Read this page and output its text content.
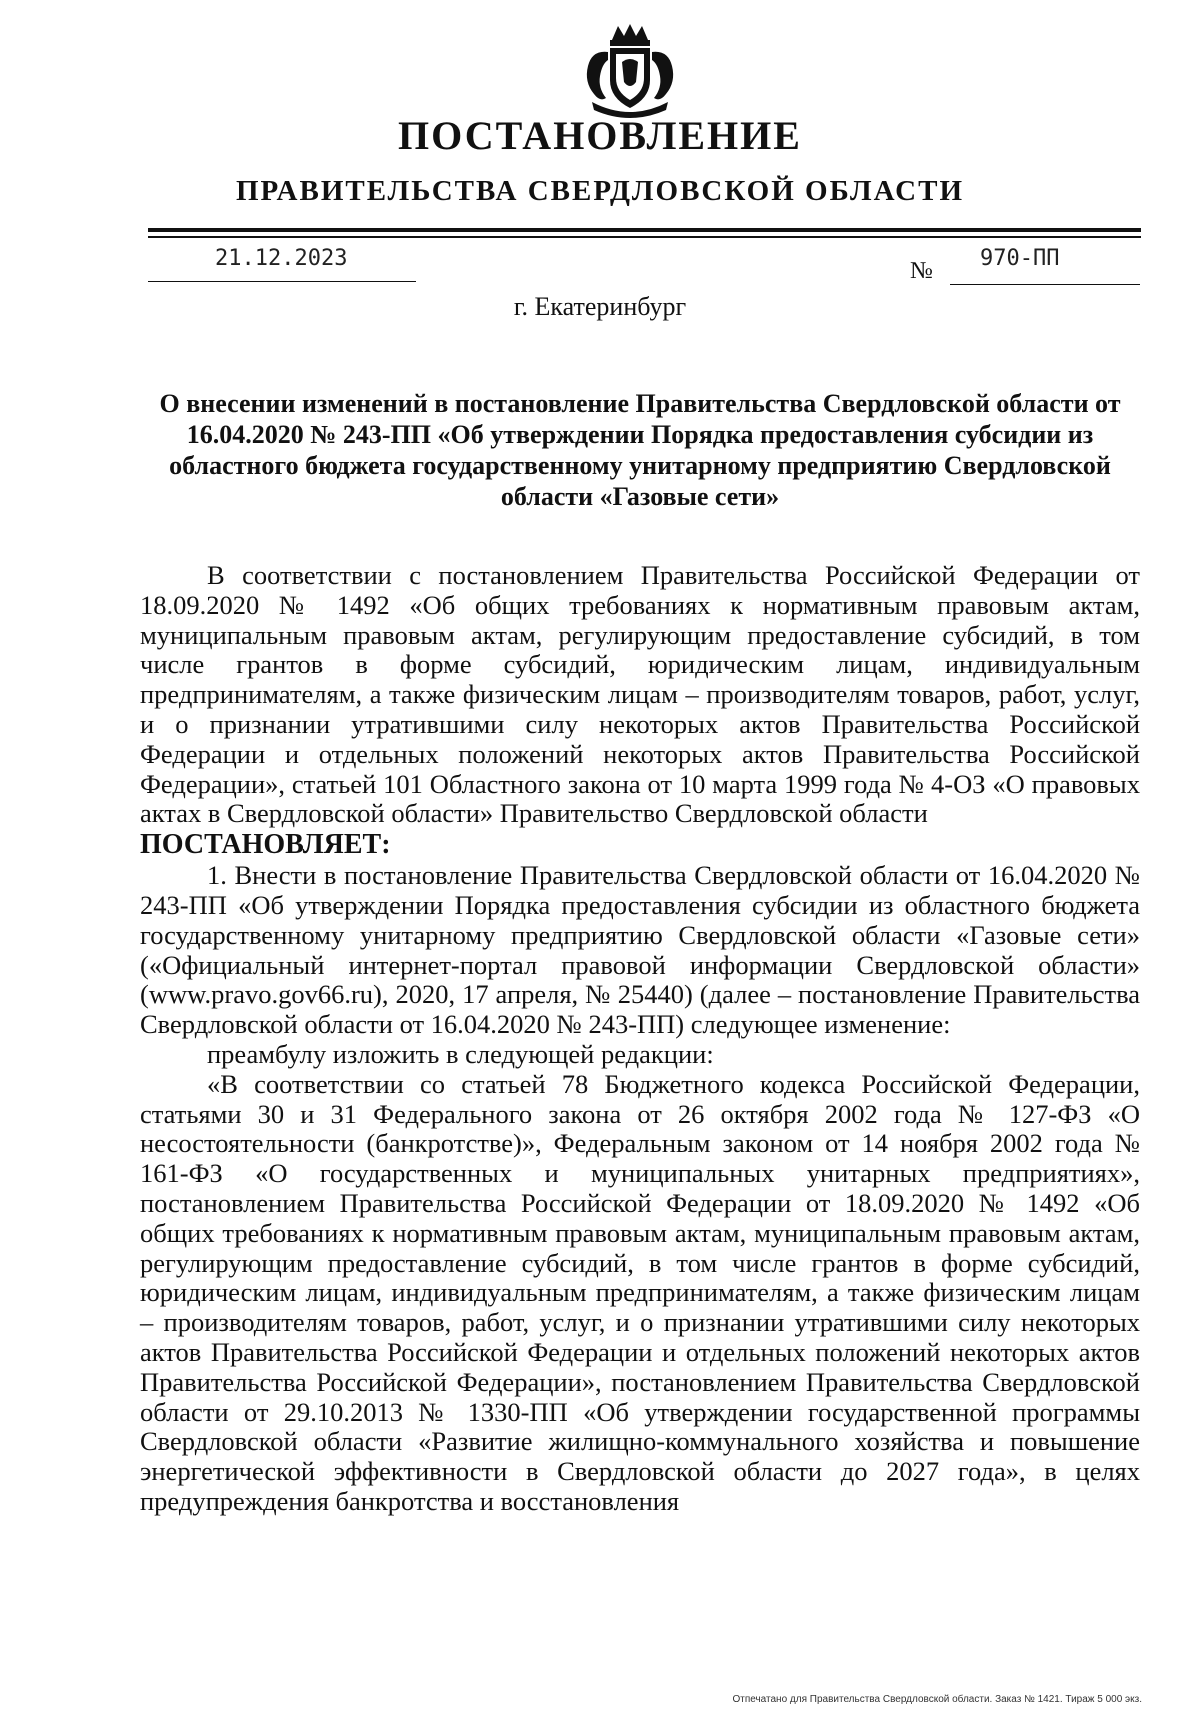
ПОСТАНОВЛЕНИЕ
ПРАВИТЕЛЬСТВА СВЕРДЛОВСКОЙ ОБЛАСТИ
21.12.2023	№ 970-ПП
г. Екатеринбург
О внесении изменений в постановление Правительства Свердловской области от 16.04.2020 № 243-ПП «Об утверждении Порядка предоставления субсидии из областного бюджета государственному унитарному предприятию Свердловской области «Газовые сети»

В соответствии с постановлением Правительства Российской Федерации от 18.09.2020 № 1492 «Об общих требованиях к нормативным правовым актам, муниципальным правовым актам, регулирующим предоставление субсидий, в том числе грантов в форме субсидий, юридическим лицам, индивидуальным предпринимателям, а также физическим лицам – производителям товаров, работ, услуг, и о признании утратившими силу некоторых актов Правительства Российской Федерации и отдельных положений некоторых актов Правительства Российской Федерации», статьей 101 Областного закона от 10 марта 1999 года № 4-ОЗ «О правовых актах в Свердловской области» Правительство Свердловской области

ПОСТАНОВЛЯЕТ:

1. Внести в постановление Правительства Свердловской области от 16.04.2020 № 243-ПП «Об утверждении Порядка предоставления субсидии из областного бюджета государственному унитарному предприятию Свердловской области «Газовые сети» («Официальный интернет-портал правовой информации Свердловской области» (www.pravo.gov66.ru), 2020, 17 апреля, № 25440) (далее – постановление Правительства Свердловской области от 16.04.2020 № 243-ПП) следующее изменение:

преамбулу изложить в следующей редакции:

«В соответствии со статьей 78 Бюджетного кодекса Российской Федерации, статьями 30 и 31 Федерального закона от 26 октября 2002 года № 127-ФЗ «О несостоятельности (банкротстве)», Федеральным законом от 14 ноября 2002 года № 161-ФЗ «О государственных и муниципальных унитарных предприятиях», постановлением Правительства Российской Федерации от 18.09.2020 № 1492 «Об общих требованиях к нормативным правовым актам, муниципальным правовым актам, регулирующим предоставление субсидий, в том числе грантов в форме субсидий, юридическим лицам, индивидуальным предпринимателям, а также физическим лицам – производителям товаров, работ, услуг, и о признании утратившими силу некоторых актов Правительства Российской Федерации и отдельных положений некоторых актов Правительства Российской Федерации», постановлением Правительства Свердловской области от 29.10.2013 № 1330-ПП «Об утверждении государственной программы Свердловской области «Развитие жилищно-коммунального хозяйства и повышение энергетической эффективности в Свердловской области до 2027 года», в целях предупреждения банкротства и восстановления

Отпечатано для Правительства Свердловской области. Заказ № 1421. Тираж 5 000 экз.
